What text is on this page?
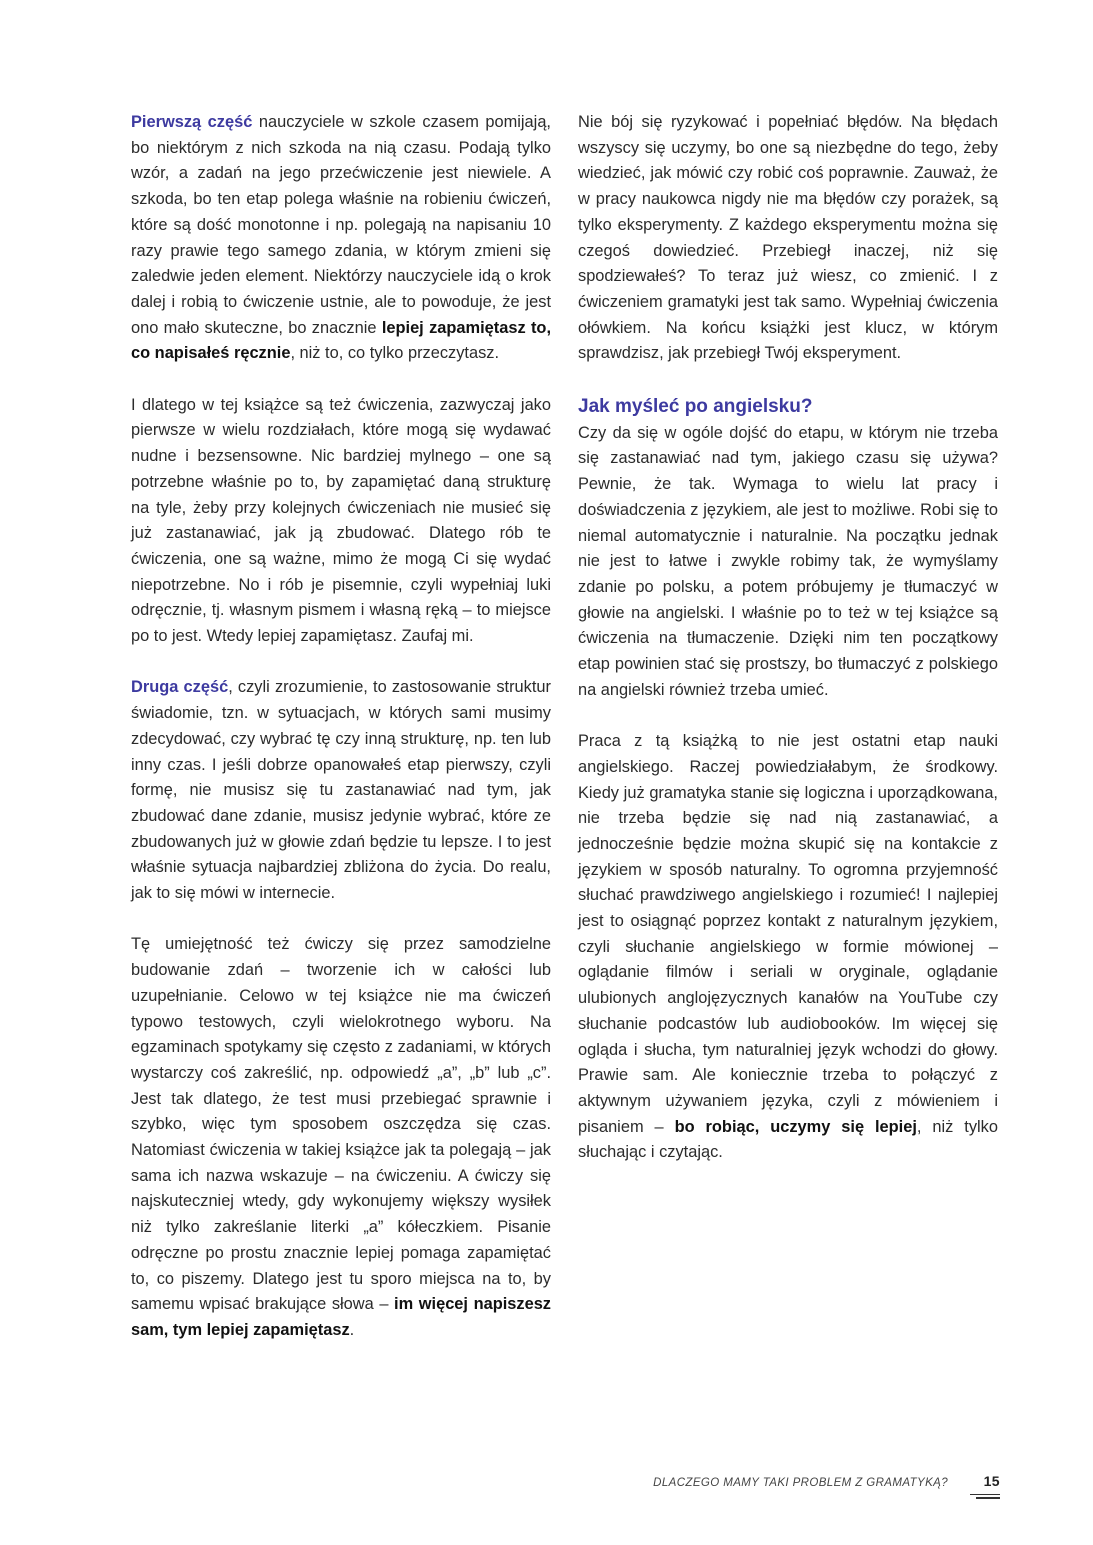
Pierwszą część nauczyciele w szkole czasem pomijają, bo niektórym z nich szkoda na nią czasu. Podają tylko wzór, a zadań na jego przećwiczenie jest niewiele. A szkoda, bo ten etap polega właśnie na robieniu ćwiczeń, które są dość monotonne i np. polegają na napisaniu 10 razy prawie tego samego zdania, w którym zmieni się zaledwie jeden element. Niektórzy nauczyciele idą o krok dalej i robią to ćwiczenie ustnie, ale to powoduje, że jest ono mało skuteczne, bo znacznie lepiej zapamiętasz to, co napisałeś ręcznie, niż to, co tylko przeczytasz.

I dlatego w tej książce są też ćwiczenia, zazwyczaj jako pierwsze w wielu rozdziałach, które mogą się wydawać nudne i bezsensowne. Nic bardziej mylnego – one są potrzebne właśnie po to, by zapamiętać daną strukturę na tyle, żeby przy kolejnych ćwiczeniach nie musieć się już zastanawiać, jak ją zbudować. Dlatego rób te ćwiczenia, one są ważne, mimo że mogą Ci się wydać niepotrzebne. No i rób je pisemnie, czyli wypełniaj luki odręcznie, tj. własnym pismem i własną ręką – to miejsce po to jest. Wtedy lepiej zapamiętasz. Zaufaj mi.

Druga część, czyli zrozumienie, to zastosowanie struktur świadomie, tzn. w sytuacjach, w których sami musimy zdecydować, czy wybrać tę czy inną strukturę, np. ten lub inny czas. I jeśli dobrze opanowałeś etap pierwszy, czyli formę, nie musisz się tu zastanawiać nad tym, jak zbudować dane zdanie, musisz jedynie wybrać, które ze zbudowanych już w głowie zdań będzie tu lepsze. I to jest właśnie sytuacja najbardziej zbliżona do życia. Do realu, jak to się mówi w internecie.

Tę umiejętność też ćwiczy się przez samodzielne budowanie zdań – tworzenie ich w całości lub uzupełnianie. Celowo w tej książce nie ma ćwiczeń typowo testowych, czyli wielokrotnego wyboru. Na egzaminach spotykamy się często z zadaniami, w których wystarczy coś zakreślić, np. odpowiedź „a”, „b” lub „c”. Jest tak dlatego, że test musi przebiegać sprawnie i szybko, więc tym sposobem oszczędza się czas. Natomiast ćwiczenia w takiej książce jak ta polegają – jak sama ich nazwa wskazuje – na ćwiczeniu. A ćwiczy się najskuteczniej wtedy, gdy wykonujemy większy wysiłek niż tylko zakreślanie literki „a” kółeczkiem. Pisanie odręczne po prostu znacznie lepiej pomaga zapamiętać to, co piszemy. Dlatego jest tu sporo miejsca na to, by samemu wpisać brakujące słowa – im więcej napiszesz sam, tym lepiej zapamiętasz.

Nie bój się ryzykować i popełniać błędów. Na błędach wszyscy się uczymy, bo one są niezbędne do tego, żeby wiedzieć, jak mówić czy robić coś poprawnie. Zauważ, że w pracy naukowca nigdy nie ma błędów czy porażek, są tylko eksperymenty. Z każdego eksperymentu można się czegoś dowiedzieć. Przebiegł inaczej, niż się spodziewałeś? To teraz już wiesz, co zmienić. I z ćwiczeniem gramatyki jest tak samo. Wypełniaj ćwiczenia ołówkiem. Na końcu książki jest klucz, w którym sprawdzisz, jak przebiegł Twój eksperyment.

Jak myśleć po angielsku?

Czy da się w ogóle dojść do etapu, w którym nie trzeba się zastanawiać nad tym, jakiego czasu się używa? Pewnie, że tak. Wymaga to wielu lat pracy i doświadczenia z językiem, ale jest to możliwe. Robi się to niemal automatycznie i naturalnie. Na początku jednak nie jest to łatwe i zwykle robimy tak, że wymyślamy zdanie po polsku, a potem próbujemy je tłumaczyć w głowie na angielski. I właśnie po to też w tej książce są ćwiczenia na tłumaczenie. Dzięki nim ten początkowy etap powinien stać się prostszy, bo tłumaczyć z polskiego na angielski również trzeba umieć.

Praca z tą książką to nie jest ostatni etap nauki angielskiego. Raczej powiedziałabym, że środkowy. Kiedy już gramatyka stanie się logiczna i uporządkowana, nie trzeba będzie się nad nią zastanawiać, a jednocześnie będzie można skupić się na kontakcie z językiem w sposób naturalny. To ogromna przyjemność słuchać prawdziwego angielskiego i rozumieć! I najlepiej jest to osiągnąć poprzez kontakt z naturalnym językiem, czyli słuchanie angielskiego w formie mówionej – oglądanie filmów i seriali w oryginale, oglądanie ulubionych anglojęzycznych kanałów na YouTube czy słuchanie podcastów lub audiobooków. Im więcej się ogląda i słucha, tym naturalniej język wchodzi do głowy. Prawie sam. Ale koniecznie trzeba to połączyć z aktywnym używaniem języka, czyli z mówieniem i pisaniem – bo robiąc, uczymy się lepiej, niż tylko słuchając i czytając.

DLACZEGO MAMY TAKI PROBLEM Z GRAMATYKĄ?	15
